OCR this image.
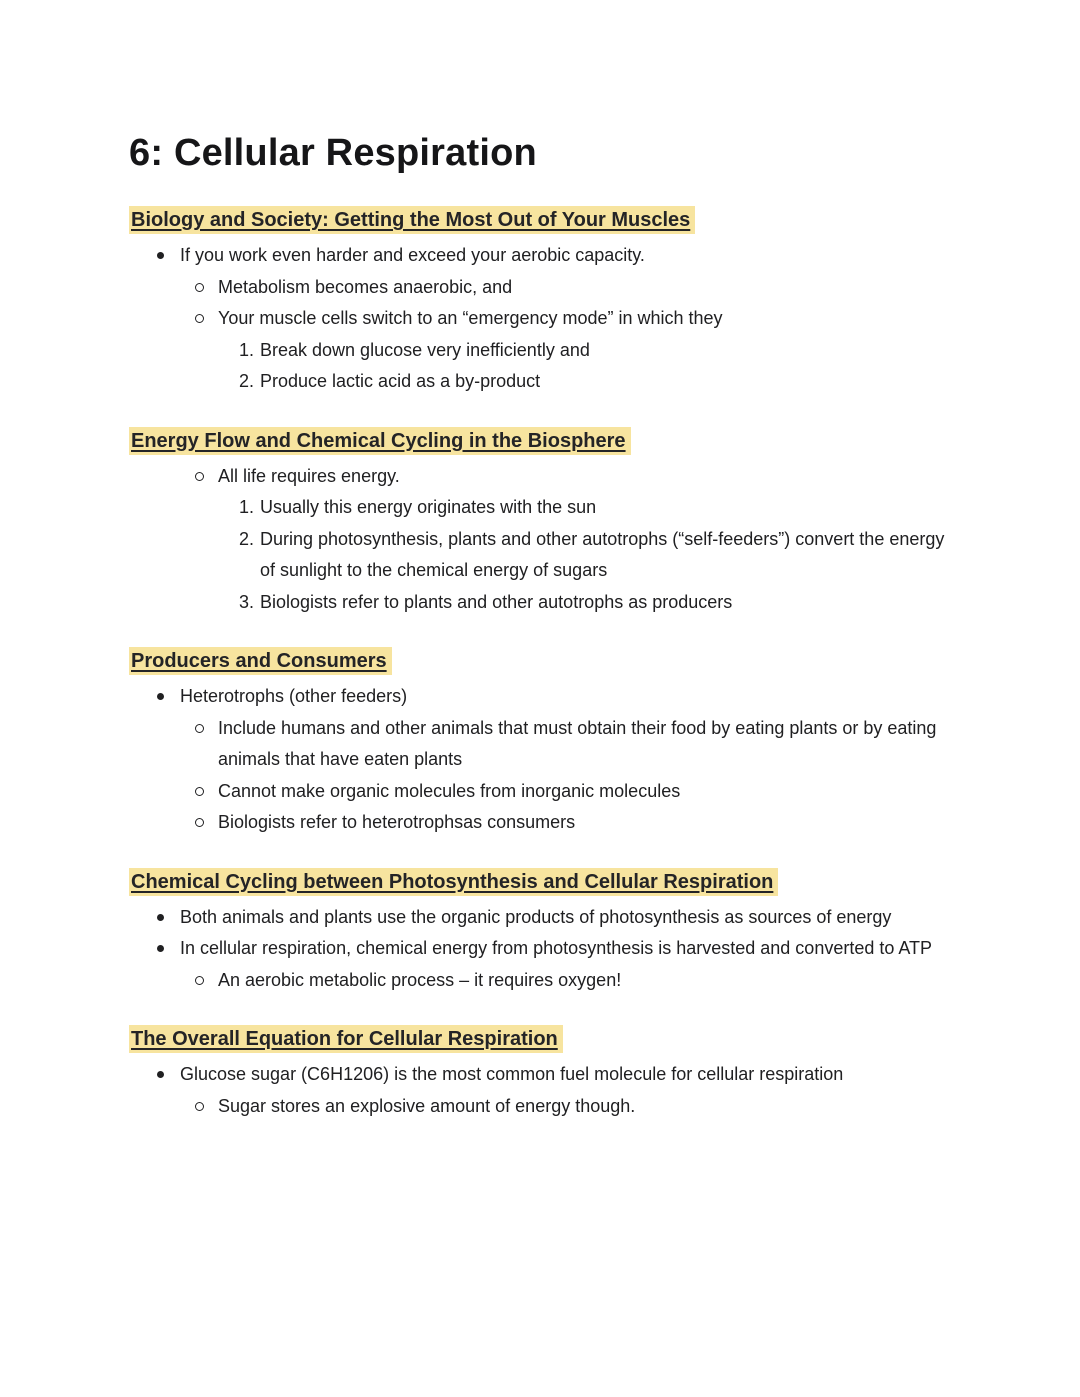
6: Cellular Respiration
Biology and Society: Getting the Most Out of Your Muscles
If you work even harder and exceed your aerobic capacity.
Metabolism becomes anaerobic, and
Your muscle cells switch to an “emergency mode” in which they
1. Break down glucose very inefficiently and
2. Produce lactic acid as a by-product
Energy Flow and Chemical Cycling in the Biosphere
All life requires energy.
1. Usually this energy originates with the sun
2. During photosynthesis, plants and other autotrophs (“self-feeders”) convert the energy of sunlight to the chemical energy of sugars
3. Biologists refer to plants and other autotrophs as producers
Producers and Consumers
Heterotrophs (other feeders)
Include humans and other animals that must obtain their food by eating plants or by eating animals that have eaten plants
Cannot make organic molecules from inorganic molecules
Biologists refer to heterotrophsas consumers
Chemical Cycling between Photosynthesis and Cellular Respiration
Both animals and plants use the organic products of photosynthesis as sources of energy
In cellular respiration, chemical energy from photosynthesis is harvested and converted to ATP
An aerobic metabolic process – it requires oxygen!
The Overall Equation for Cellular Respiration
Glucose sugar (C6H1206) is the most common fuel molecule for cellular respiration
Sugar stores an explosive amount of energy though.
